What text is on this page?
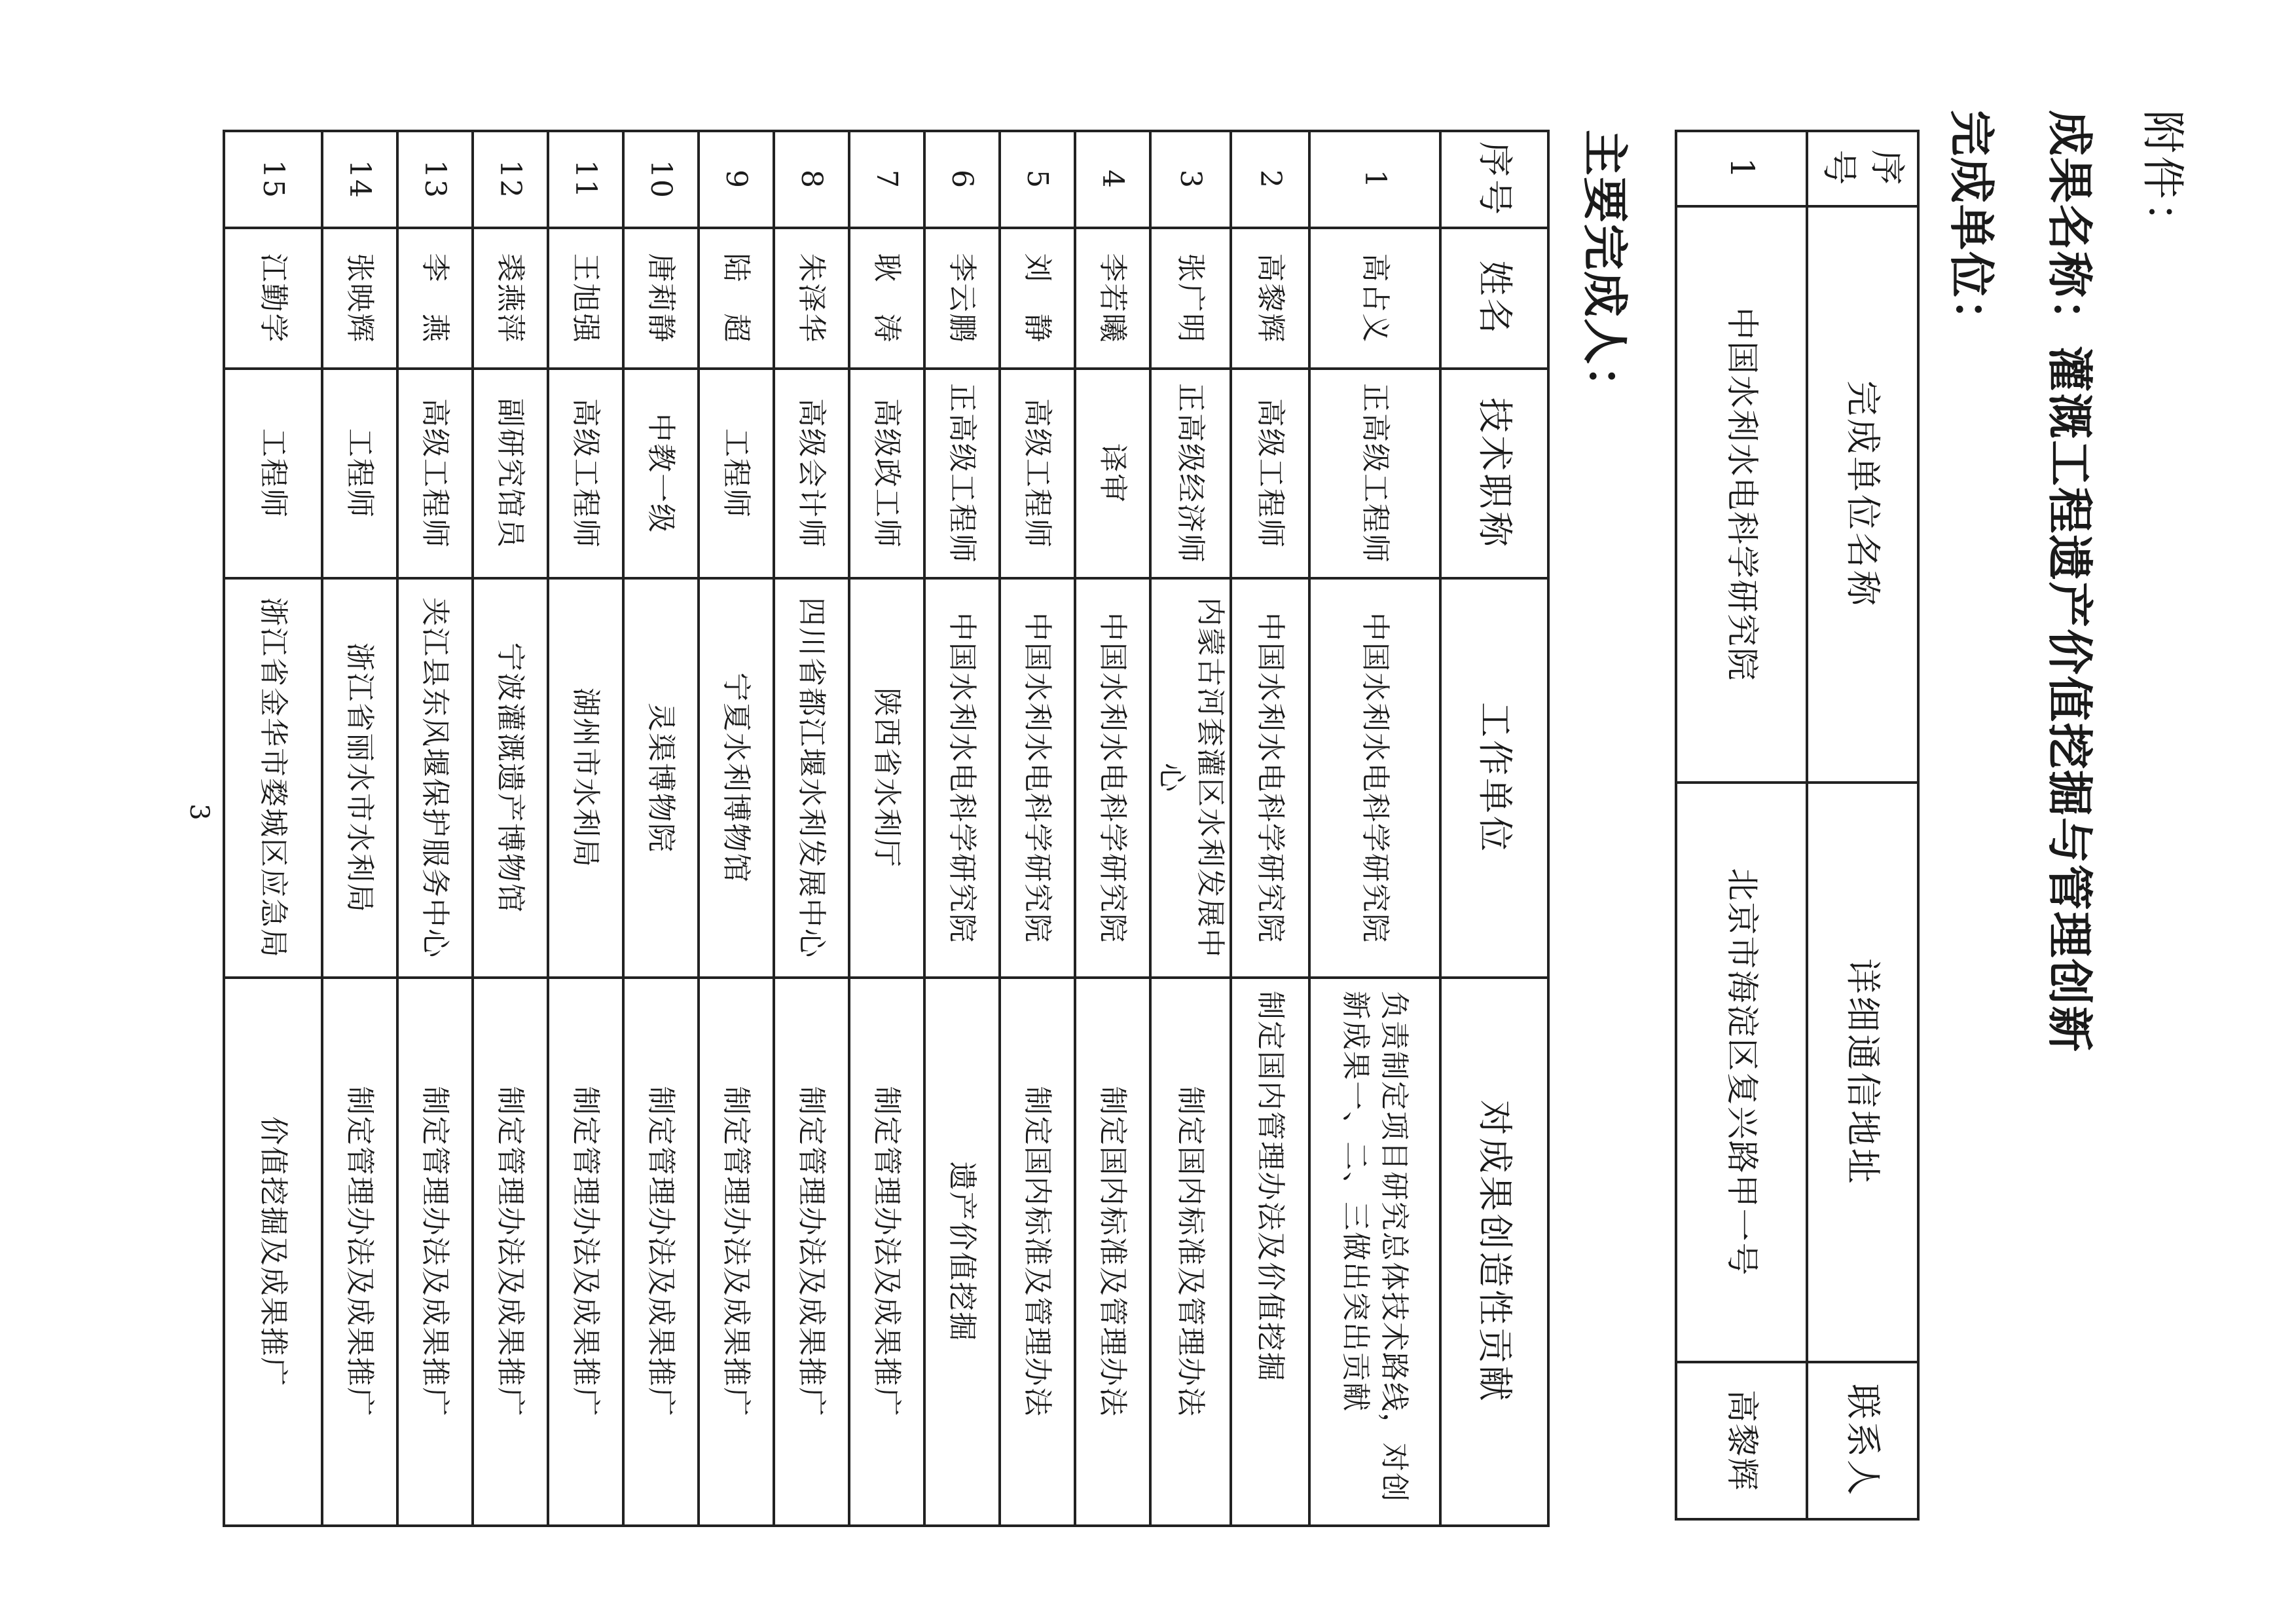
附件：
成果名称：灌溉工程遗产价值挖掘与管理创新
完成单位：
序号	完成单位名称	详细通信地址	联系人
1	中国水利水电科学研究院	北京市海淀区复兴路甲一号	高黎辉
主要完成人：
序号	姓名	技术职称	工作单位	对成果创造性贡献
1	高占义	正高级工程师	中国水利水电科学研究院	负责制定项目研究总体技术路线，对创新成果一、二、三做出突出贡献
2	高黎辉	高级工程师	中国水利水电科学研究院	制定国内管理办法及价值挖掘
3	张广明	正高级经济师	内蒙古河套灌区水利发展中心	制定国内标准及管理办法
4	李若曦	译审	中国水利水电科学研究院	制定国内标准及管理办法
5	刘　静	高级工程师	中国水利水电科学研究院	制定国内标准及管理办法
6	李云鹏	正高级工程师	中国水利水电科学研究院	遗产价值挖掘
7	耿　涛	高级政工师	陕西省水利厅	制定管理办法及成果推广
8	朱泽华	高级会计师	四川省都江堰水利发展中心	制定管理办法及成果推广
9	陆　超	工程师	宁夏水利博物馆	制定管理办法及成果推广
10	唐莉静	中教一级	灵渠博物院	制定管理办法及成果推广
11	王旭强	高级工程师	湖州市水利局	制定管理办法及成果推广
12	裘燕萍	副研究馆员	宁波灌溉遗产博物馆	制定管理办法及成果推广
13	李　燕	高级工程师	夹江县东风堰保护服务中心	制定管理办法及成果推广
14	张映辉	工程师	浙江省丽水市水利局	制定管理办法及成果推广
15	江勤学	工程师	浙江省金华市婺城区应急局	价值挖掘及成果推广
3
